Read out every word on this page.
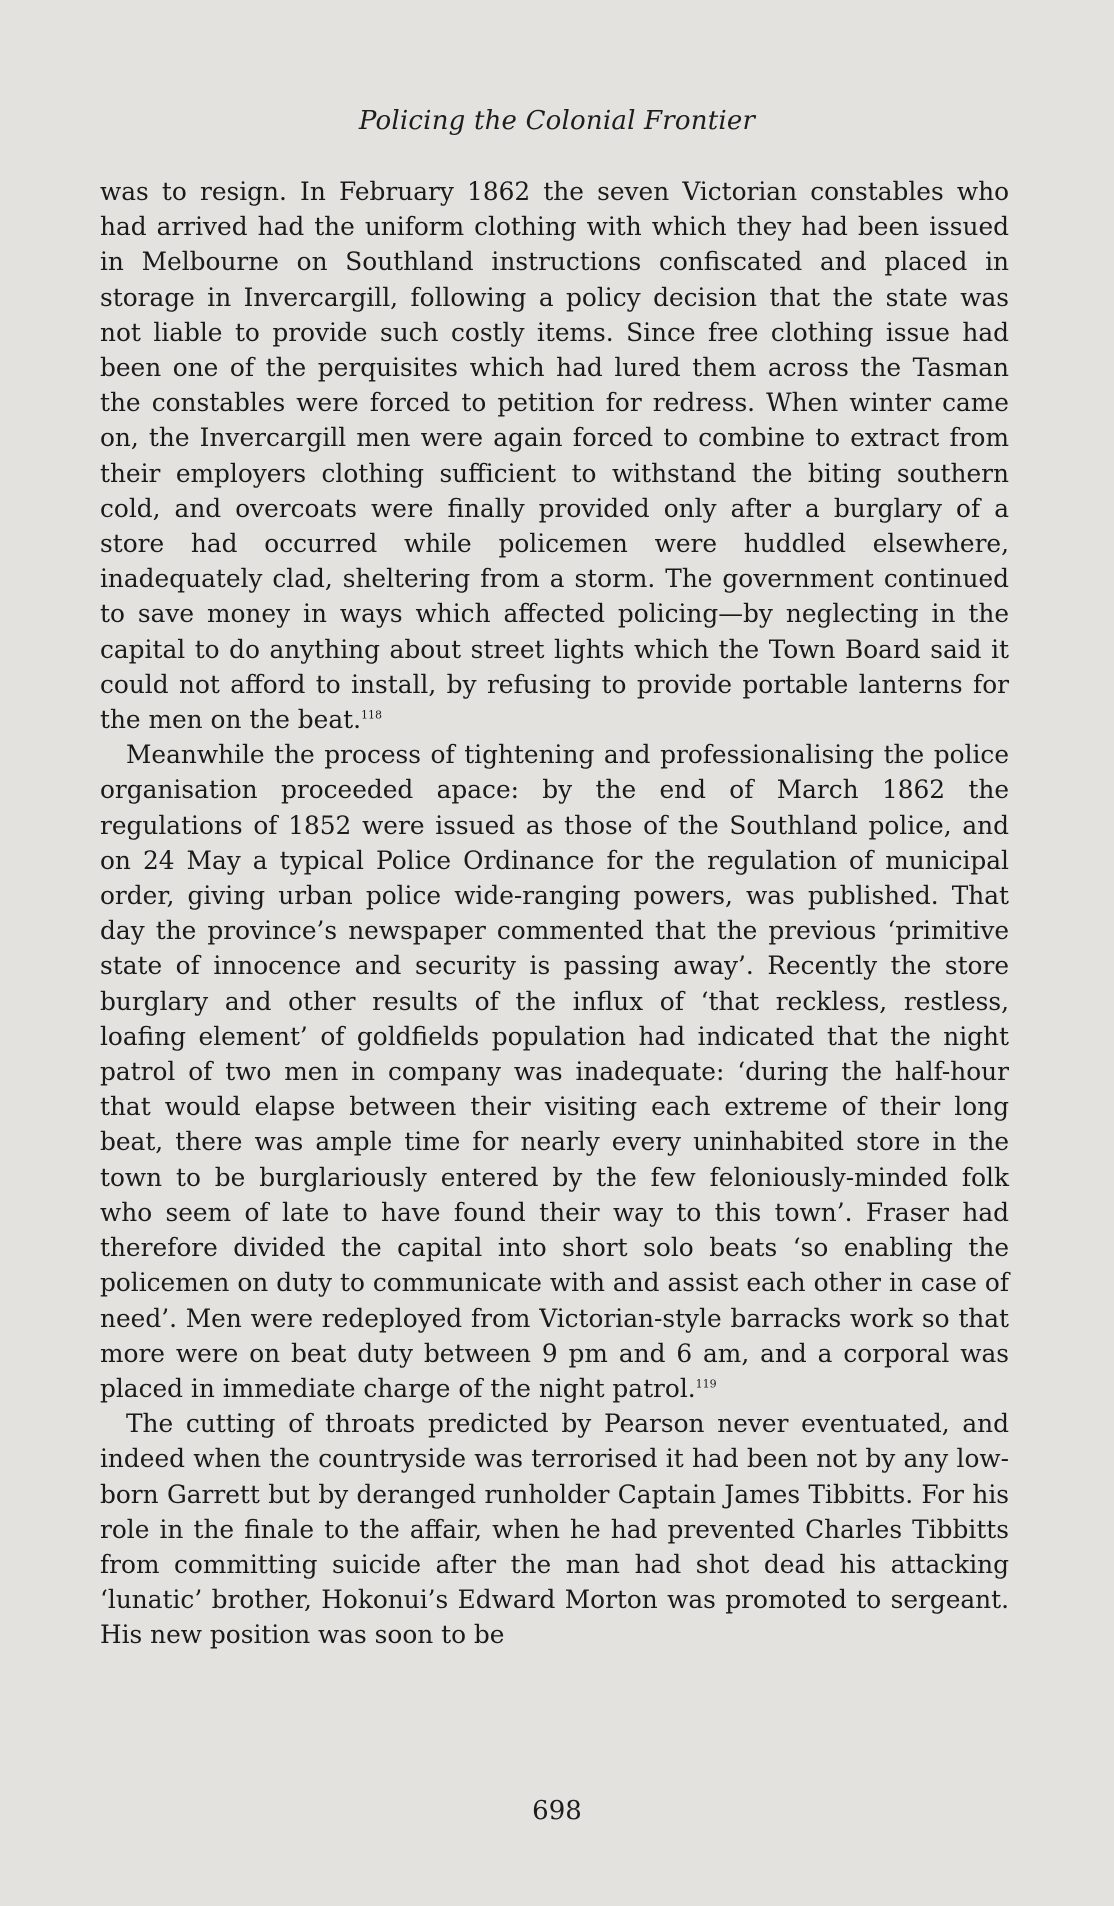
Policing the Colonial Frontier

was to resign. In February 1862 the seven Victorian constables who had arrived had the uniform clothing with which they had been issued in Melbourne on Southland instructions confiscated and placed in storage in Invercargill, following a policy decision that the state was not liable to provide such costly items. Since free clothing issue had been one of the perquisites which had lured them across the Tasman the constables were forced to petition for redress. When winter came on, the Invercargill men were again forced to combine to extract from their employers clothing sufficient to withstand the biting southern cold, and overcoats were finally provided only after a burglary of a store had occurred while policemen were huddled elsewhere, inadequately clad, sheltering from a storm. The government continued to save money in ways which affected policing—by neglecting in the capital to do anything about street lights which the Town Board said it could not afford to install, by refusing to provide portable lanterns for the men on the beat.$^{118}$

Meanwhile the process of tightening and professionalising the police organisation proceeded apace: by the end of March 1862 the regulations of 1852 were issued as those of the Southland police, and on 24 May a typical Police Ordinance for the regulation of municipal order, giving urban police wide-ranging powers, was published. That day the province’s newspaper commented that the previous ‘primitive state of innocence and security is passing away’. Recently the store burglary and other results of the influx of ‘that reckless, restless, loafing element’ of goldfields population had indicated that the night patrol of two men in company was inadequate: ‘during the half-hour that would elapse between their visiting each extreme of their long beat, there was ample time for nearly every uninhabited store in the town to be burglariously entered by the few feloniously-minded folk who seem of late to have found their way to this town’. Fraser had therefore divided the capital into short solo beats ‘so enabling the policemen on duty to communicate with and assist each other in case of need’. Men were redeployed from Victorian-style barracks work so that more were on beat duty between 9 pm and 6 am, and a corporal was placed in immediate charge of the night patrol.$^{119}$

The cutting of throats predicted by Pearson never eventuated, and indeed when the countryside was terrorised it had been not by any low-born Garrett but by deranged runholder Captain James Tibbitts. For his role in the finale to the affair, when he had prevented Charles Tibbitts from committing suicide after the man had shot dead his attacking ‘lunatic’ brother, Hokonui’s Edward Morton was promoted to sergeant. His new position was soon to be

698
